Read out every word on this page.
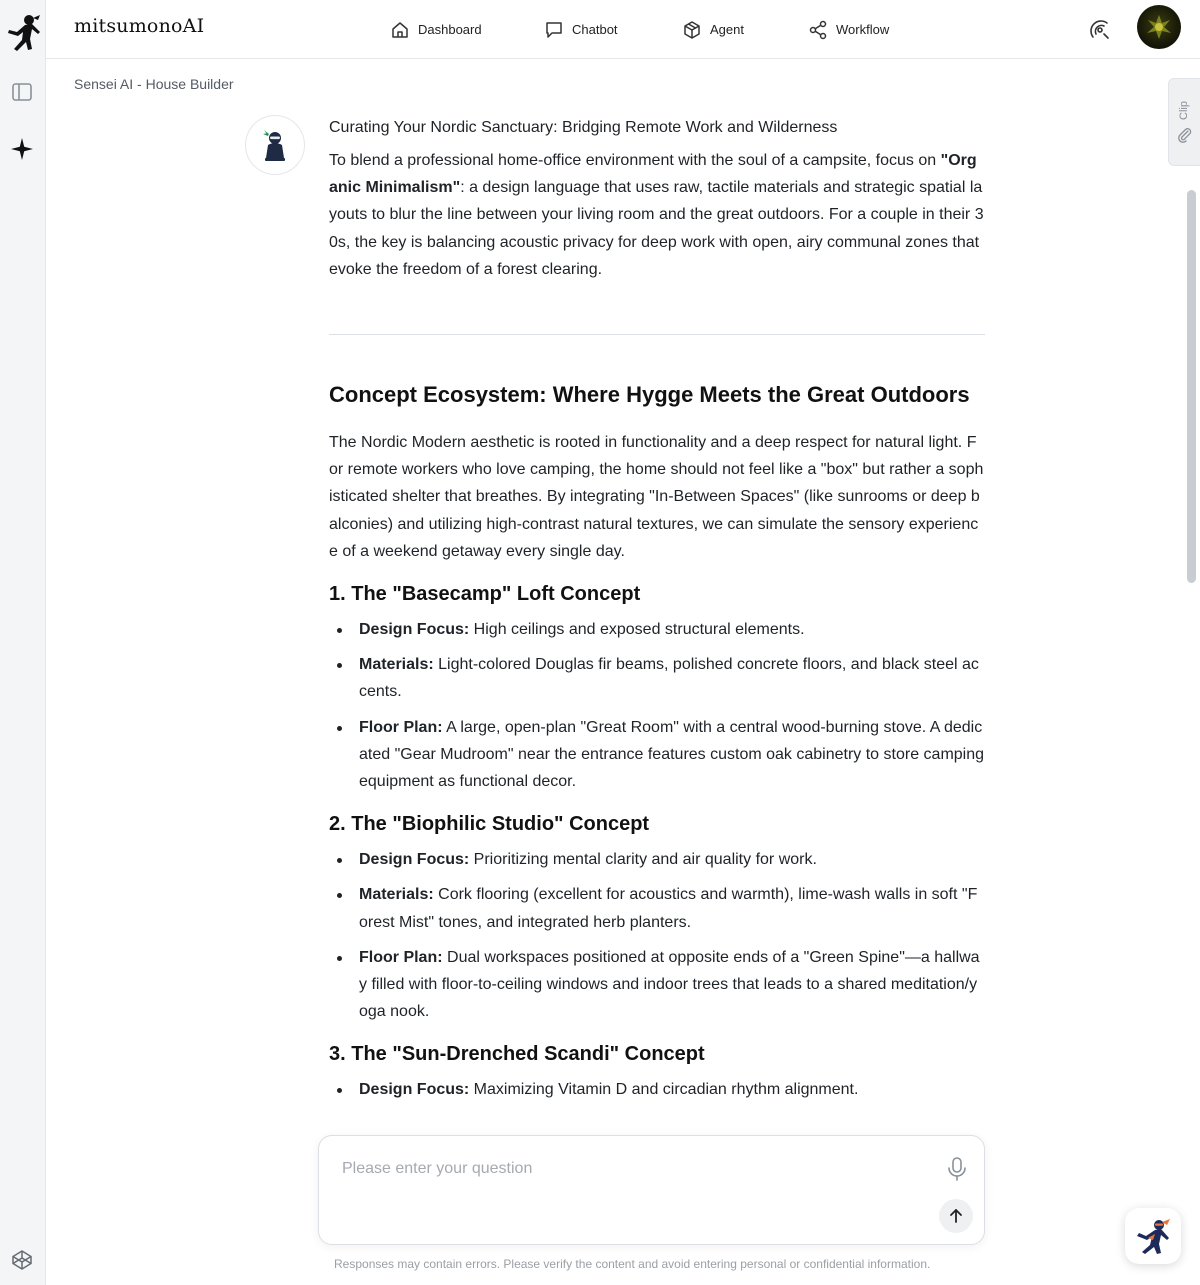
mitsumonoAI	Dashboard	Chatbot	Agent	Workflow
Sensei AI - House Builder
Clip

Curating Your Nordic Sanctuary: Bridging Remote Work and Wilderness

To blend a professional home-office environment with the soul of a campsite, focus on "Organic Minimalism": a design language that uses raw, tactile materials and strategic spatial layouts to blur the line between your living room and the great outdoors. For a couple in their 30s, the key is balancing acoustic privacy for deep work with open, airy communal zones that evoke the freedom of a forest clearing.

Concept Ecosystem: Where Hygge Meets the Great Outdoors

The Nordic Modern aesthetic is rooted in functionality and a deep respect for natural light. For remote workers who love camping, the home should not feel like a "box" but rather a sophisticated shelter that breathes. By integrating "In-Between Spaces" (like sunrooms or deep balconies) and utilizing high-contrast natural textures, we can simulate the sensory experience of a weekend getaway every single day.

1. The "Basecamp" Loft Concept
Design Focus: High ceilings and exposed structural elements.
Materials: Light-colored Douglas fir beams, polished concrete floors, and black steel accents.
Floor Plan: A large, open-plan "Great Room" with a central wood-burning stove. A dedicated "Gear Mudroom" near the entrance features custom oak cabinetry to store camping equipment as functional decor.
2. The "Biophilic Studio" Concept
Design Focus: Prioritizing mental clarity and air quality for work.
Materials: Cork flooring (excellent for acoustics and warmth), lime-wash walls in soft "Forest Mist" tones, and integrated herb planters.
Floor Plan: Dual workspaces positioned at opposite ends of a "Green Spine"—a hallway filled with floor-to-ceiling windows and indoor trees that leads to a shared meditation/yoga nook.
3. The "Sun-Drenched Scandi" Concept
Design Focus: Maximizing Vitamin D and circadian rhythm alignment.
Please enter your question
Responses may contain errors. Please verify the content and avoid entering personal or confidential information.
